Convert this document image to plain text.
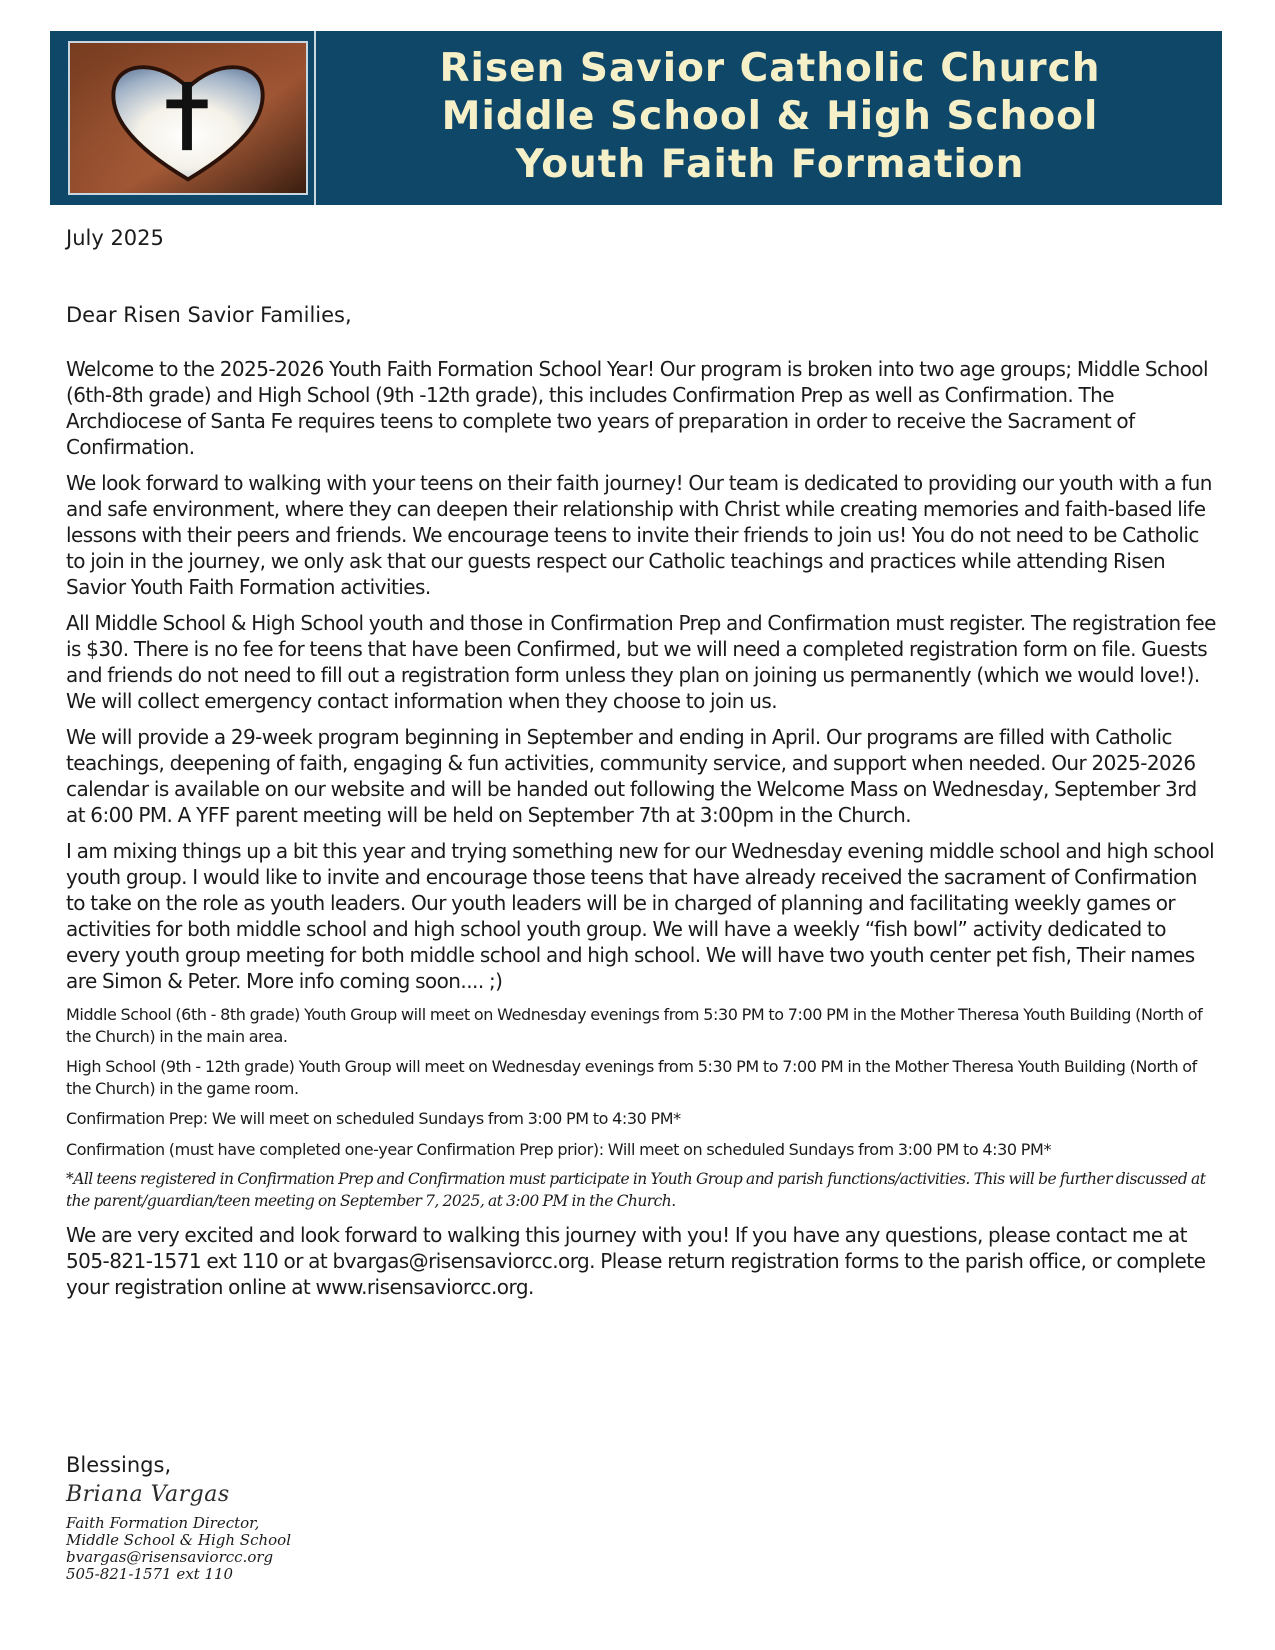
Risen Savior Catholic Church
Middle School & High School
Youth Faith Formation
July 2025
Dear Risen Savior Families,

Welcome to the 2025-2026 Youth Faith Formation School Year! Our program is broken into two age groups; Middle School (6th-8th grade) and High School (9th -12th grade), this includes Confirmation Prep as well as Confirmation. The Archdiocese of Santa Fe requires teens to complete two years of preparation in order to receive the Sacrament of Confirmation.

We look forward to walking with your teens on their faith journey! Our team is dedicated to providing our youth with a fun and safe environment, where they can deepen their relationship with Christ while creating memories and faith-based life lessons with their peers and friends. We encourage teens to invite their friends to join us! You do not need to be Catholic to join in the journey, we only ask that our guests respect our Catholic teachings and practices while attending Risen Savior Youth Faith Formation activities.

All Middle School & High School youth and those in Confirmation Prep and Confirmation must register. The registration fee is $30. There is no fee for teens that have been Confirmed, but we will need a completed registration form on file. Guests and friends do not need to fill out a registration form unless they plan on joining us permanently (which we would love!). We will collect emergency contact information when they choose to join us.

We will provide a 29-week program beginning in September and ending in April. Our programs are filled with Catholic teachings, deepening of faith, engaging & fun activities, community service, and support when needed. Our 2025-2026 calendar is available on our website and will be handed out following the Welcome Mass on Wednesday, September 3rd at 6:00 PM. A YFF parent meeting will be held on September 7th at 3:00pm in the Church.

I am mixing things up a bit this year and trying something new for our Wednesday evening middle school and high school youth group. I would like to invite and encourage those teens that have already received the sacrament of Confirmation to take on the role as youth leaders. Our youth leaders will be in charged of planning and facilitating weekly games or activities for both middle school and high school youth group. We will have a weekly “fish bowl” activity dedicated to every youth group meeting for both middle school and high school. We will have two youth center pet fish, Their names are Simon & Peter. More info coming soon.... ;)

Middle School (6th - 8th grade) Youth Group will meet on Wednesday evenings from 5:30 PM to 7:00 PM in the Mother Theresa Youth Building (North of the Church) in the main area.

High School (9th - 12th grade) Youth Group will meet on Wednesday evenings from 5:30 PM to 7:00 PM in the Mother Theresa Youth Building (North of the Church) in the game room.

Confirmation Prep: We will meet on scheduled Sundays from 3:00 PM to 4:30 PM*

Confirmation (must have completed one-year Confirmation Prep prior): Will meet on scheduled Sundays from 3:00 PM to 4:30 PM*

*All teens registered in Confirmation Prep and Confirmation must participate in Youth Group and parish functions/activities. This will be further discussed at the parent/guardian/teen meeting on September 7, 2025, at 3:00 PM in the Church.

We are very excited and look forward to walking this journey with you! If you have any questions, please contact me at 505-821-1571 ext 110 or at bvargas@risensaviorcc.org. Please return registration forms to the parish office, or complete your registration online at www.risensaviorcc.org.

Blessings,
Briana Vargas
Faith Formation Director,
Middle School & High School
bvargas@risensaviorcc.org
505-821-1571 ext 110
